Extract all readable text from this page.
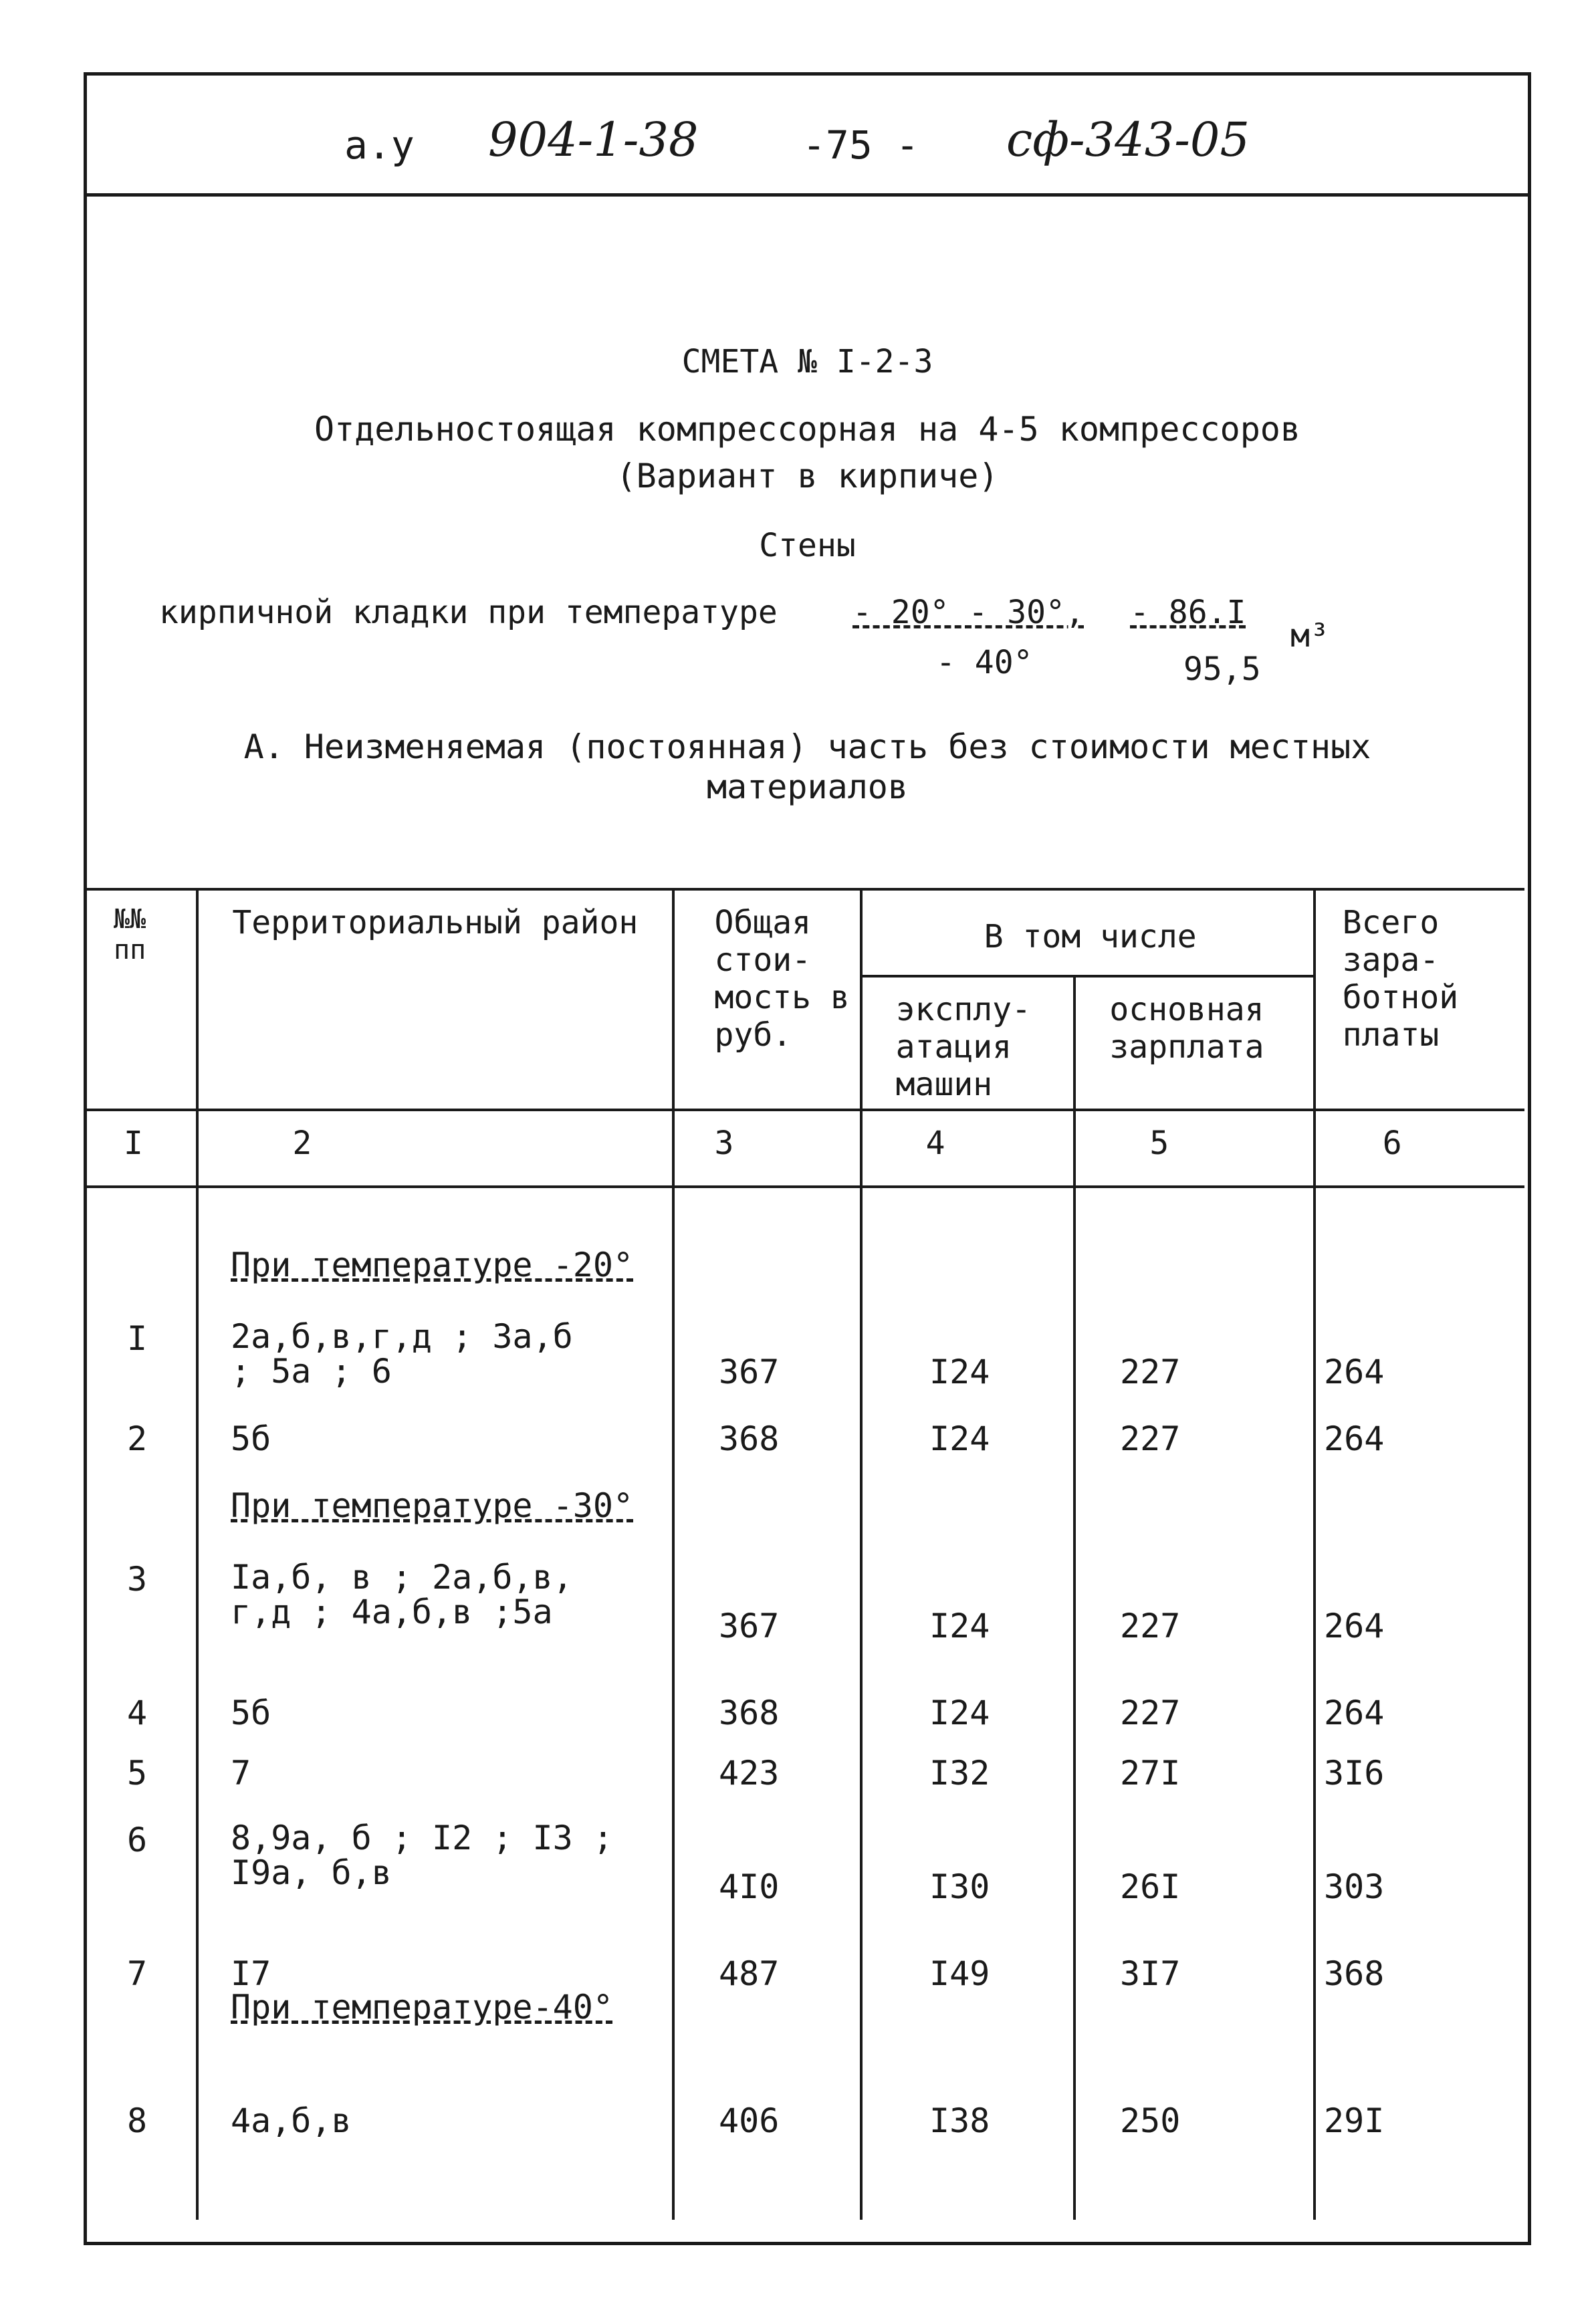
а.у 904-1-38	-75 - сф-343-05
СМЕТА № I-2-3
Отдельностоящая компрессорная на 4-5 компрессоров
(Вариант в кирпиче)
Стены
кирпичной кладки при температуре - 20° - 30°,
- 40°
- 86.I
95,5
м³
А. Неизменяемая (постоянная) часть без стоимости местных
материалов
№№ пп	Территориальный район	Общая стои- мость в руб.	В том числе		Всего зара- ботной платы
			эксплу- атация машин	основная зарплата	
I	2	3	4	5	6

При температуре -20°
При температуре -30°
При температуре-40°
I 2а,б,в,г,д ; 3а,б ; 5а ; 6	367	I24	227	264
2 5б	368	I24	227	264
3 Iа,б, в ; 2а,б,в, г,д ; 4а,б,в ;5а	367	I24	227	264
4 5б	368	I24	227	264
5 7	423	I32	27I	3I6
6 8,9а, б ; I2 ; I3 ; I9а, б,в	4I0	I30	26I	303
7 I7	487	I49	3I7	368
8 4а,б,в	406	I38	250	29I
